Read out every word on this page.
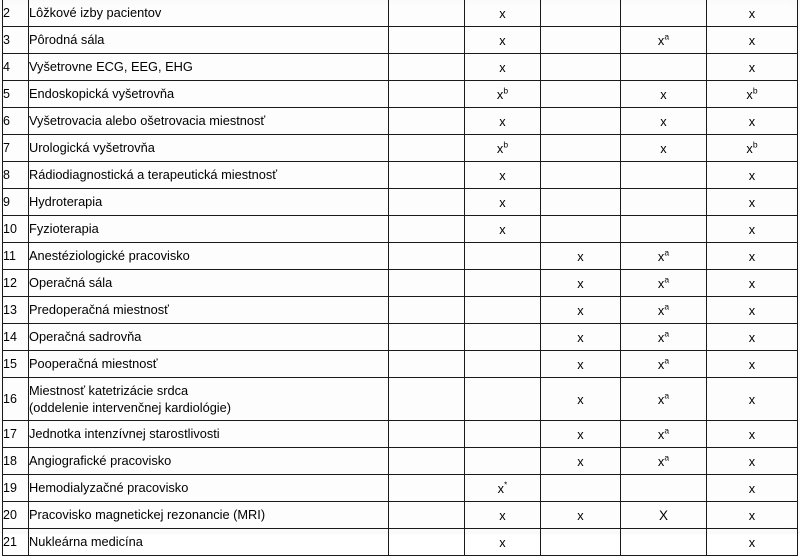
2	Lôžkové izby pacientov		x			x
3	Pôrodná sála		x		$x^a$	x
4	Vyšetrovne ECG, EEG, EHG		x			x
5	Endoskopická vyšetrovňa		$x^b$		x	$x^b$
6	Vyšetrovacia alebo ošetrovacia miestnosť		x		x	x
7	Urologická vyšetrovňa		$x^b$		x	$x^b$
8	Rádiodiagnostická a terapeutická miestnosť		x			x
9	Hydroterapia		x			x
10	Fyzioterapia		x			x
11	Anestéziologické pracovisko			x	$x^a$	x
12	Operačná sála			x	$x^a$	x
13	Predoperačná miestnosť			x	$x^a$	x
14	Operačná sadrovňa			x	$x^a$	x
15	Pooperačná miestnosť			x	$x^a$	x
16	Miestnosť katetrizácie srdca
(oddelenie intervenčnej kardiológie)			x	$x^a$	x
17	Jednotka intenzívnej starostlivosti			x	$x^a$	x
18	Angiografické pracovisko			x	$x^a$	x
19	Hemodialyzačné pracovisko		x*			x
20	Pracovisko magnetickej rezonancie (MRI)		x	x	X	x
21	Nukleárna medicína		x			x
